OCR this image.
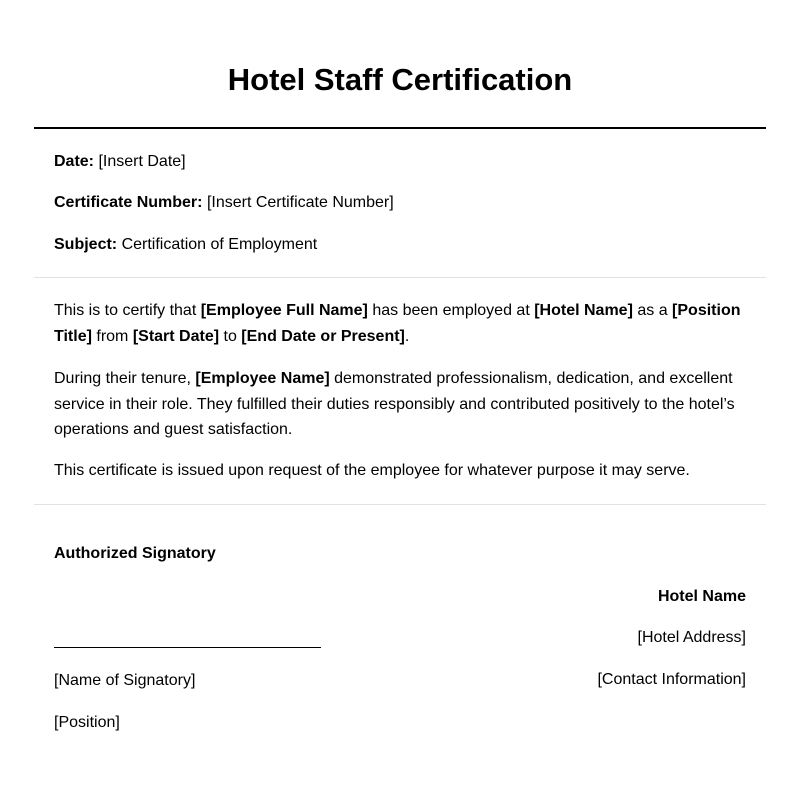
Hotel Staff Certification
Date: [Insert Date]
Certificate Number: [Insert Certificate Number]
Subject: Certification of Employment
This is to certify that [Employee Full Name] has been employed at [Hotel Name] as a [Position Title] from [Start Date] to [End Date or Present].
During their tenure, [Employee Name] demonstrated professionalism, dedication, and excellent service in their role. They fulfilled their duties responsibly and contributed positively to the hotel’s operations and guest satisfaction.
This certificate is issued upon request of the employee for whatever purpose it may serve.
Authorized Signatory
[Name of Signatory]
[Position]
Hotel Name
[Hotel Address]
[Contact Information]
